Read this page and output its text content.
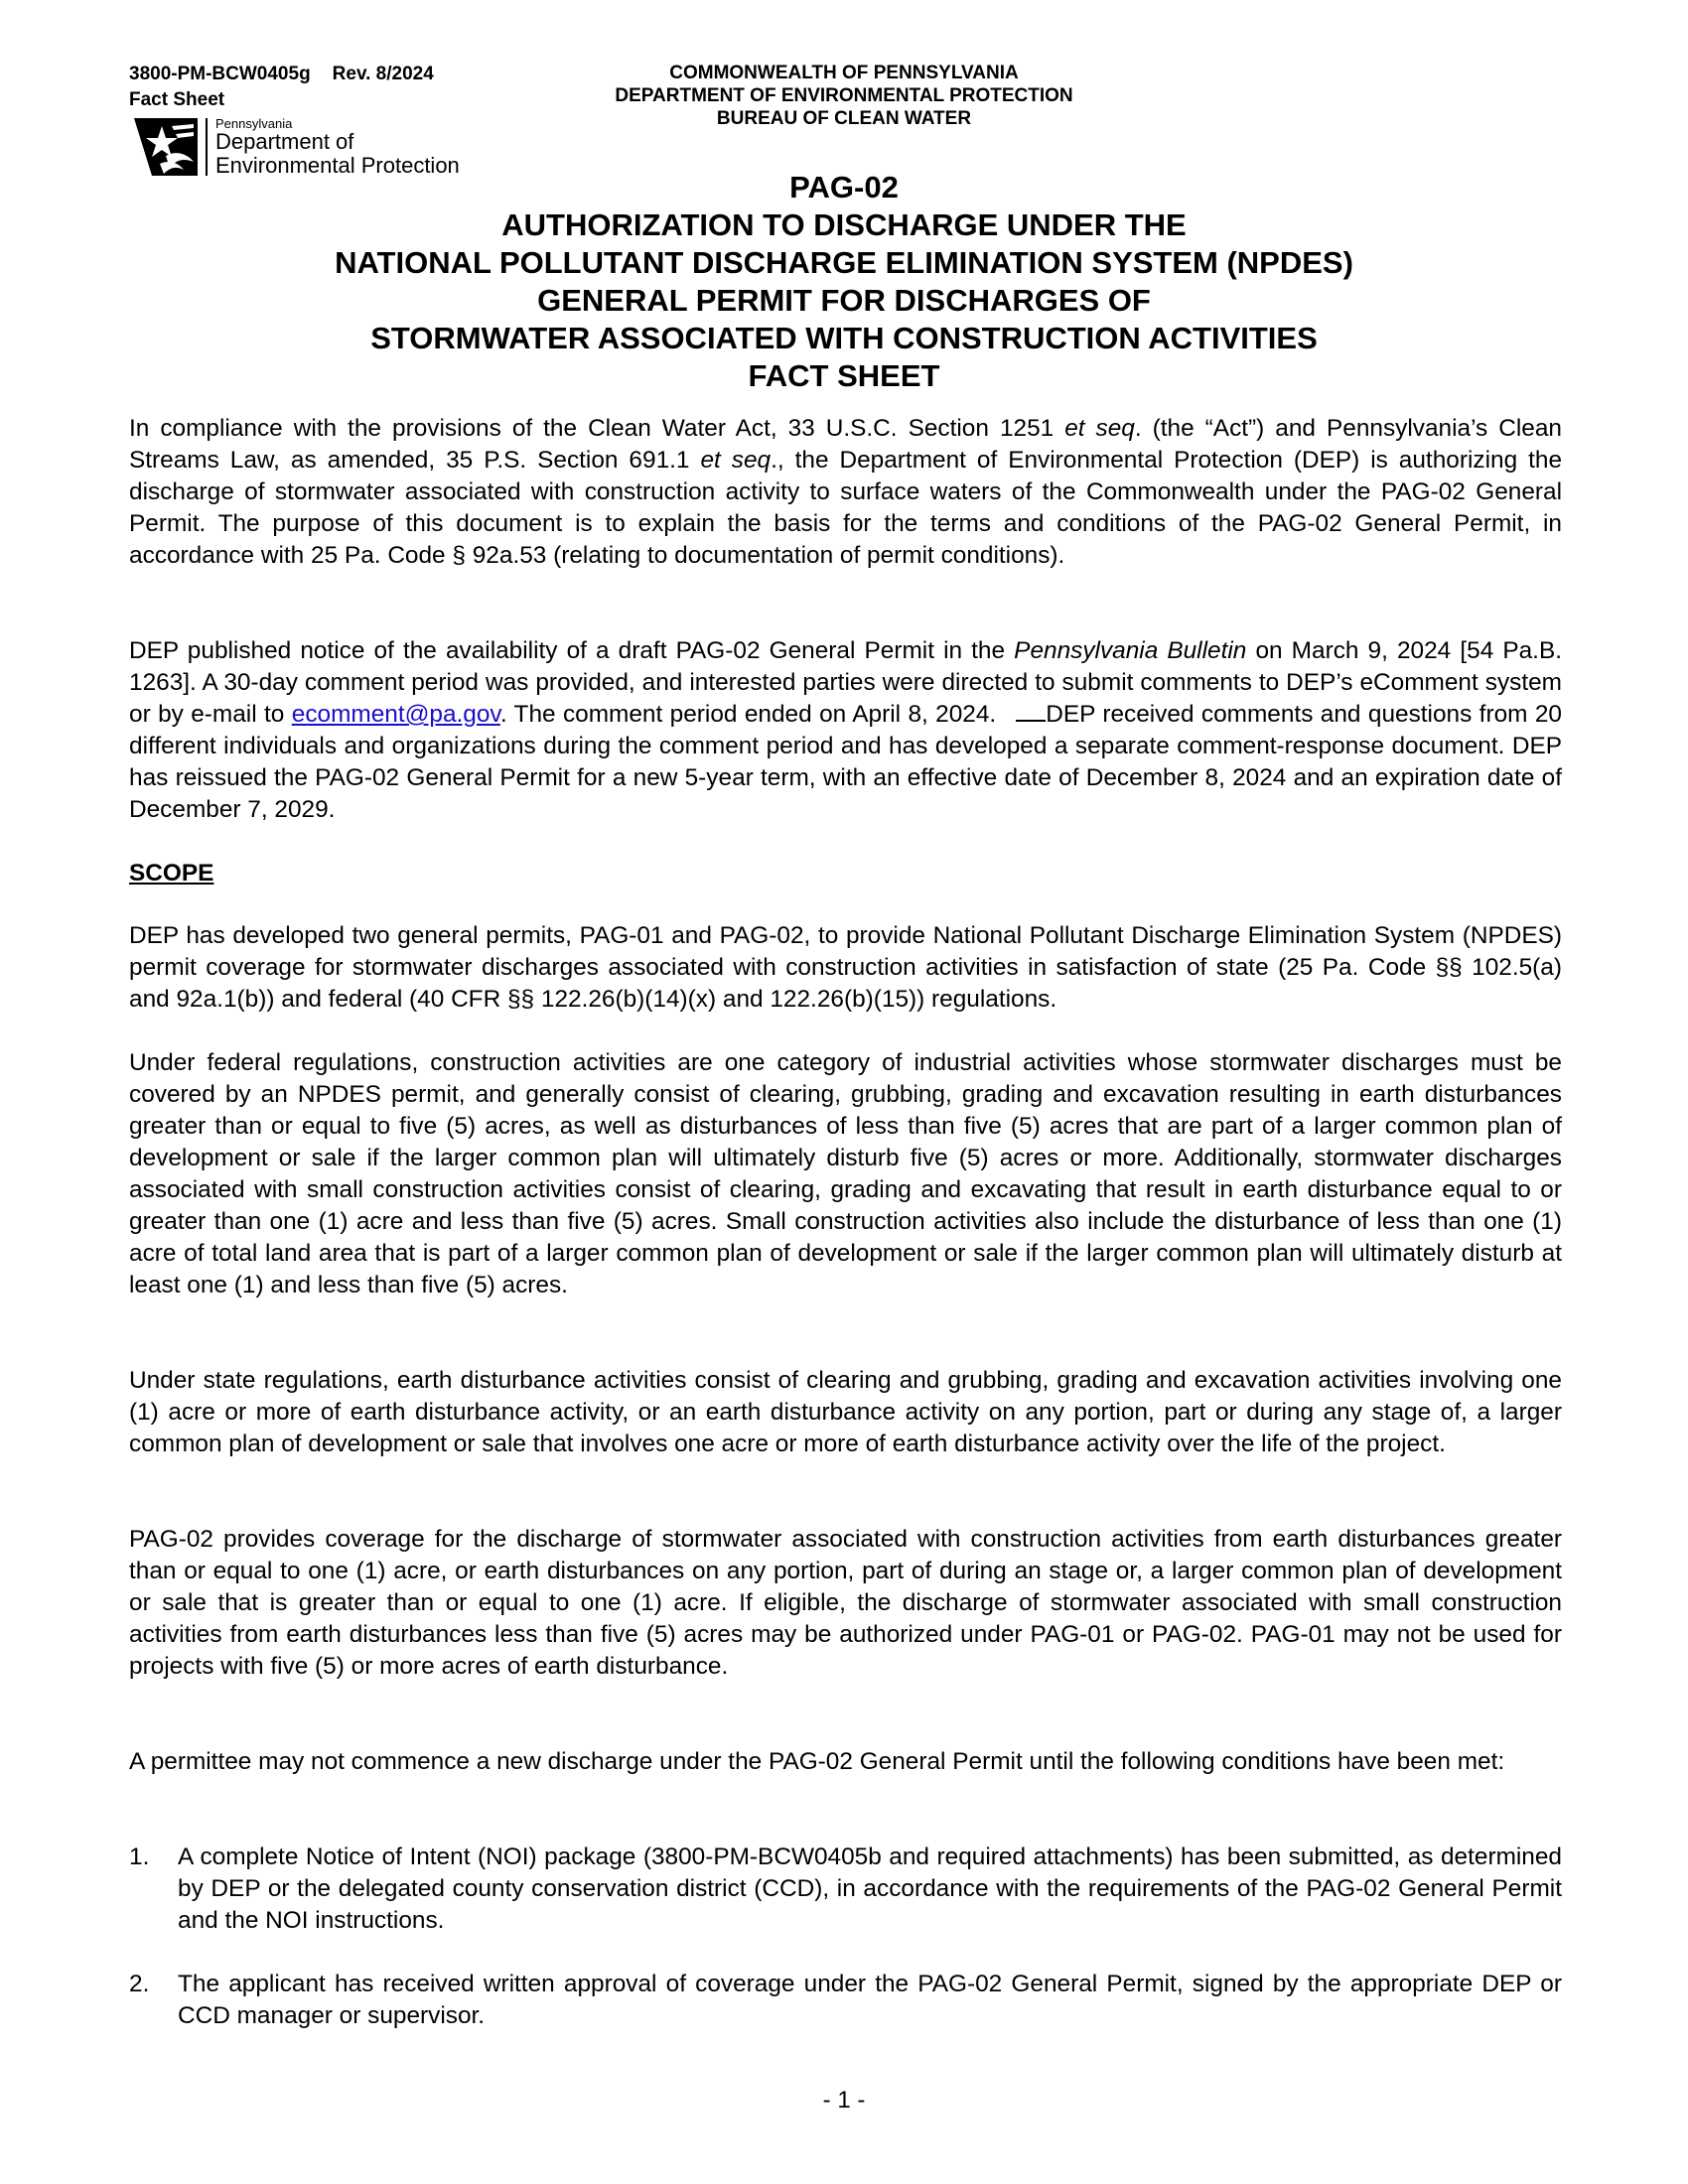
3800-PM-BCW0405g Rev. 8/2024
Fact Sheet
COMMONWEALTH OF PENNSYLVANIA
DEPARTMENT OF ENVIRONMENTAL PROTECTION
BUREAU OF CLEAN WATER
Pennsylvania
Department of
Environmental Protection
PAG-02
AUTHORIZATION TO DISCHARGE UNDER THE
NATIONAL POLLUTANT DISCHARGE ELIMINATION SYSTEM (NPDES)
GENERAL PERMIT FOR DISCHARGES OF
STORMWATER ASSOCIATED WITH CONSTRUCTION ACTIVITIES
FACT SHEET
In compliance with the provisions of the Clean Water Act, 33 U.S.C. Section 1251 et seq. (the “Act”) and Pennsylvania’s Clean Streams Law, as amended, 35 P.S. Section 691.1 et seq., the Department of Environmental Protection (DEP) is authorizing the discharge of stormwater associated with construction activity to surface waters of the Commonwealth under the PAG-02 General Permit. The purpose of this document is to explain the basis for the terms and conditions of the PAG-02 General Permit, in accordance with 25 Pa. Code § 92a.53 (relating to documentation of permit conditions).
DEP published notice of the availability of a draft PAG-02 General Permit in the Pennsylvania Bulletin on March 9, 2024 [54 Pa.B. 1263]. A 30-day comment period was provided, and interested parties were directed to submit comments to DEP’s eComment system or by e-mail to ecomment@pa.gov. The comment period ended on April 8, 2024. DEP received comments and questions from 20 different individuals and organizations during the comment period and has developed a separate comment-response document. DEP has reissued the PAG-02 General Permit for a new 5-year term, with an effective date of December 8, 2024 and an expiration date of December 7, 2029.
SCOPE
DEP has developed two general permits, PAG-01 and PAG-02, to provide National Pollutant Discharge Elimination System (NPDES) permit coverage for stormwater discharges associated with construction activities in satisfaction of state (25 Pa. Code §§ 102.5(a) and 92a.1(b)) and federal (40 CFR §§ 122.26(b)(14)(x) and 122.26(b)(15)) regulations.
Under federal regulations, construction activities are one category of industrial activities whose stormwater discharges must be covered by an NPDES permit, and generally consist of clearing, grubbing, grading and excavation resulting in earth disturbances greater than or equal to five (5) acres, as well as disturbances of less than five (5) acres that are part of a larger common plan of development or sale if the larger common plan will ultimately disturb five (5) acres or more. Additionally, stormwater discharges associated with small construction activities consist of clearing, grading and excavating that result in earth disturbance equal to or greater than one (1) acre and less than five (5) acres. Small construction activities also include the disturbance of less than one (1) acre of total land area that is part of a larger common plan of development or sale if the larger common plan will ultimately disturb at least one (1) and less than five (5) acres.
Under state regulations, earth disturbance activities consist of clearing and grubbing, grading and excavation activities involving one (1) acre or more of earth disturbance activity, or an earth disturbance activity on any portion, part or during any stage of, a larger common plan of development or sale that involves one acre or more of earth disturbance activity over the life of the project.
PAG-02 provides coverage for the discharge of stormwater associated with construction activities from earth disturbances greater than or equal to one (1) acre, or earth disturbances on any portion, part of during an stage or, a larger common plan of development or sale that is greater than or equal to one (1) acre. If eligible, the discharge of stormwater associated with small construction activities from earth disturbances less than five (5) acres may be authorized under PAG-01 or PAG-02. PAG-01 may not be used for projects with five (5) or more acres of earth disturbance.
A permittee may not commence a new discharge under the PAG-02 General Permit until the following conditions have been met:
1. A complete Notice of Intent (NOI) package (3800-PM-BCW0405b and required attachments) has been submitted, as determined by DEP or the delegated county conservation district (CCD), in accordance with the requirements of the PAG-02 General Permit and the NOI instructions.
2. The applicant has received written approval of coverage under the PAG-02 General Permit, signed by the appropriate DEP or CCD manager or supervisor.
- 1 -
